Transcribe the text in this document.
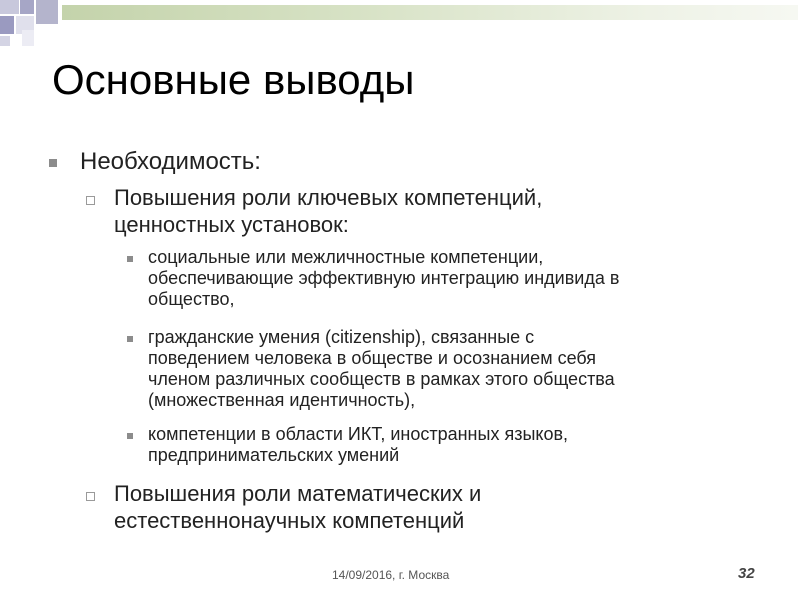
Основные выводы
Необходимость:
Повышения роли ключевых компетенций,
ценностных установок:
социальные или межличностные компетенции,
обеспечивающие эффективную интеграцию индивида в
общество,
гражданские умения (citizenship), связанные с
поведением человека в обществе и осознанием себя
членом различных сообществ в рамках этого общества
(множественная идентичность),
компетенции в области ИКТ, иностранных языков,
предпринимательских умений
Повышения роли математических и
естественнонаучных компетенций
14/09/2016, г. Москва	32
